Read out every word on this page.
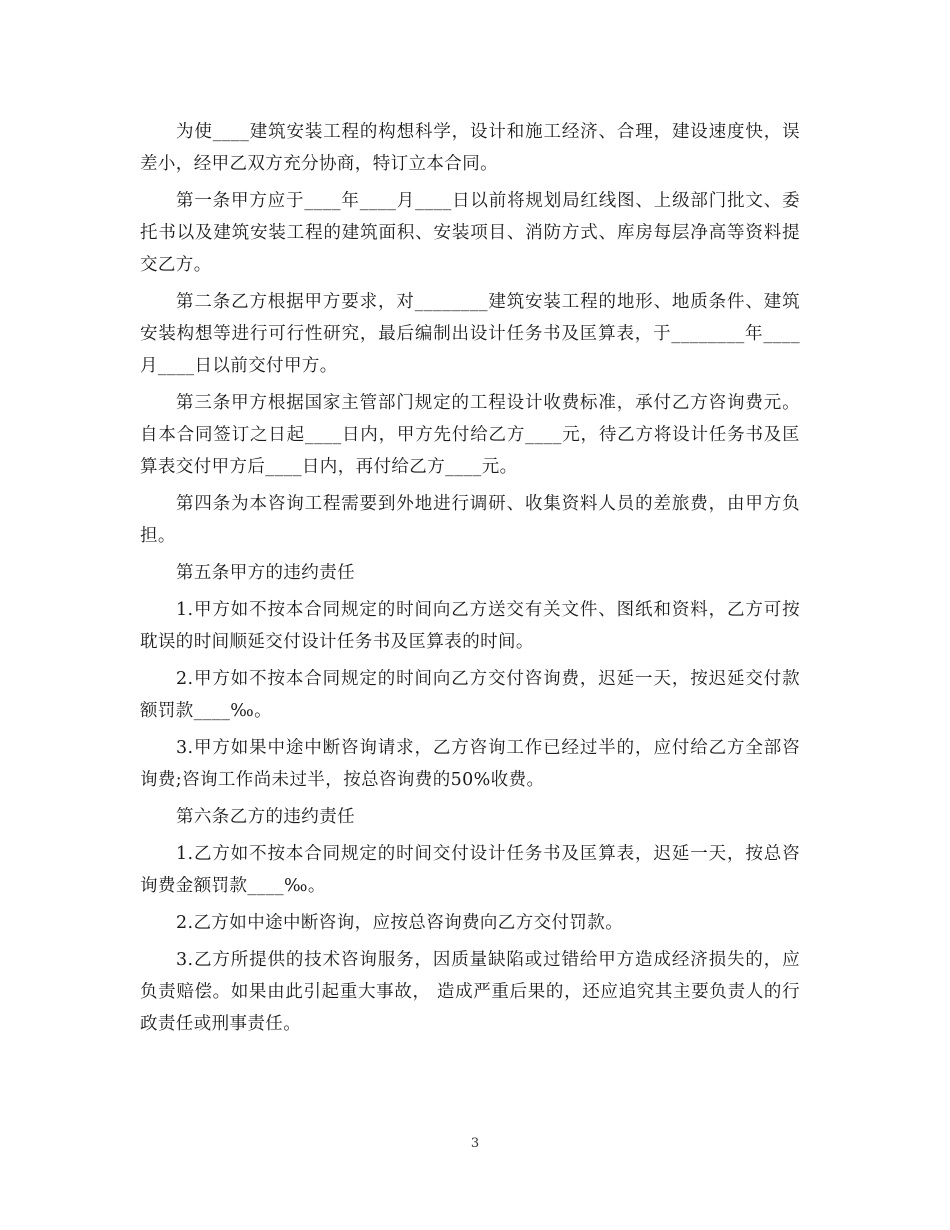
为使____建筑安装工程的构想科学，设计和施工经济、合理，建设速度快，误差小，经甲乙双方充分协商，特订立本合同。

第一条甲方应于____年____月____日以前将规划局红线图、上级部门批文、委托书以及建筑安装工程的建筑面积、安装项目、消防方式、库房每层净高等资料提交乙方。

第二条乙方根据甲方要求，对________建筑安装工程的地形、地质条件、建筑安装构想等进行可行性研究，最后编制出设计任务书及匡算表，于________年____月____日以前交付甲方。

第三条甲方根据国家主管部门规定的工程设计收费标准，承付乙方咨询费元。自本合同签订之日起____日内，甲方先付给乙方____元，待乙方将设计任务书及匡算表交付甲方后____日内，再付给乙方____元。

第四条为本咨询工程需要到外地进行调研、收集资料人员的差旅费，由甲方负担。

第五条甲方的违约责任

1.甲方如不按本合同规定的时间向乙方送交有关文件、图纸和资料，乙方可按耽误的时间顺延交付设计任务书及匡算表的时间。

2.甲方如不按本合同规定的时间向乙方交付咨询费，迟延一天，按迟延交付款额罚款____‰。

3.甲方如果中途中断咨询请求，乙方咨询工作已经过半的，应付给乙方全部咨询费;咨询工作尚未过半，按总咨询费的50%收费。

第六条乙方的违约责任

1.乙方如不按本合同规定的时间交付设计任务书及匡算表，迟延一天，按总咨询费金额罚款____‰。

2.乙方如中途中断咨询，应按总咨询费向乙方交付罚款。

3.乙方所提供的技术咨询服务，因质量缺陷或过错给甲方造成经济损失的，应负责赔偿。如果由此引起重大事故， 造成严重后果的，还应追究其主要负责人的行政责任或刑事责任。

3
